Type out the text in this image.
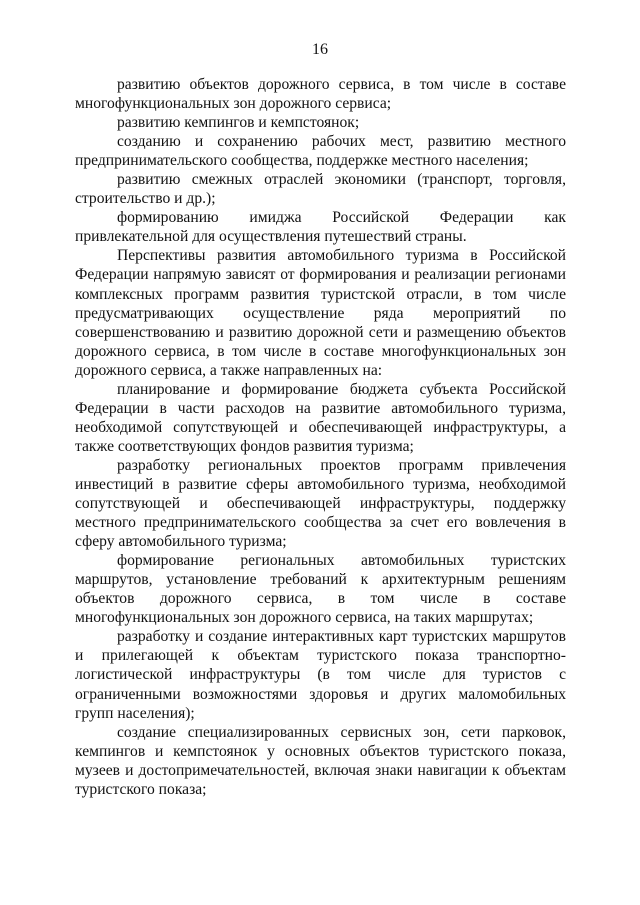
16

развитию объектов дорожного сервиса, в том числе в составе многофункциональных зон дорожного сервиса;

развитию кемпингов и кемпстоянок;

созданию и сохранению рабочих мест, развитию местного предпринимательского сообщества, поддержке местного населения;

развитию смежных отраслей экономики (транспорт, торговля, строительство и др.);

формированию имиджа Российской Федерации как привлекательной для осуществления путешествий страны.

Перспективы развития автомобильного туризма в Российской Федерации напрямую зависят от формирования и реализации регионами комплексных программ развития туристской отрасли, в том числе предусматривающих осуществление ряда мероприятий по совершенствованию и развитию дорожной сети и размещению объектов дорожного сервиса, в том числе в составе многофункциональных зон дорожного сервиса, а также направленных на:

планирование и формирование бюджета субъекта Российской Федерации в части расходов на развитие автомобильного туризма, необходимой сопутствующей и обеспечивающей инфраструктуры, а также соответствующих фондов развития туризма;

разработку региональных проектов программ привлечения инвестиций в развитие сферы автомобильного туризма, необходимой сопутствующей и обеспечивающей инфраструктуры, поддержку местного предпринимательского сообщества за счет его вовлечения в сферу автомобильного туризма;

формирование региональных автомобильных туристских маршрутов, установление требований к архитектурным решениям объектов дорожного сервиса, в том числе в составе многофункциональных зон дорожного сервиса, на таких маршрутах;

разработку и создание интерактивных карт туристских маршрутов и прилегающей к объектам туристского показа транспортно-логистической инфраструктуры (в том числе для туристов с ограниченными возможностями здоровья и других маломобильных групп населения);

создание специализированных сервисных зон, сети парковок, кемпингов и кемпстоянок у основных объектов туристского показа, музеев и достопримечательностей, включая знаки навигации к объектам туристского показа;
